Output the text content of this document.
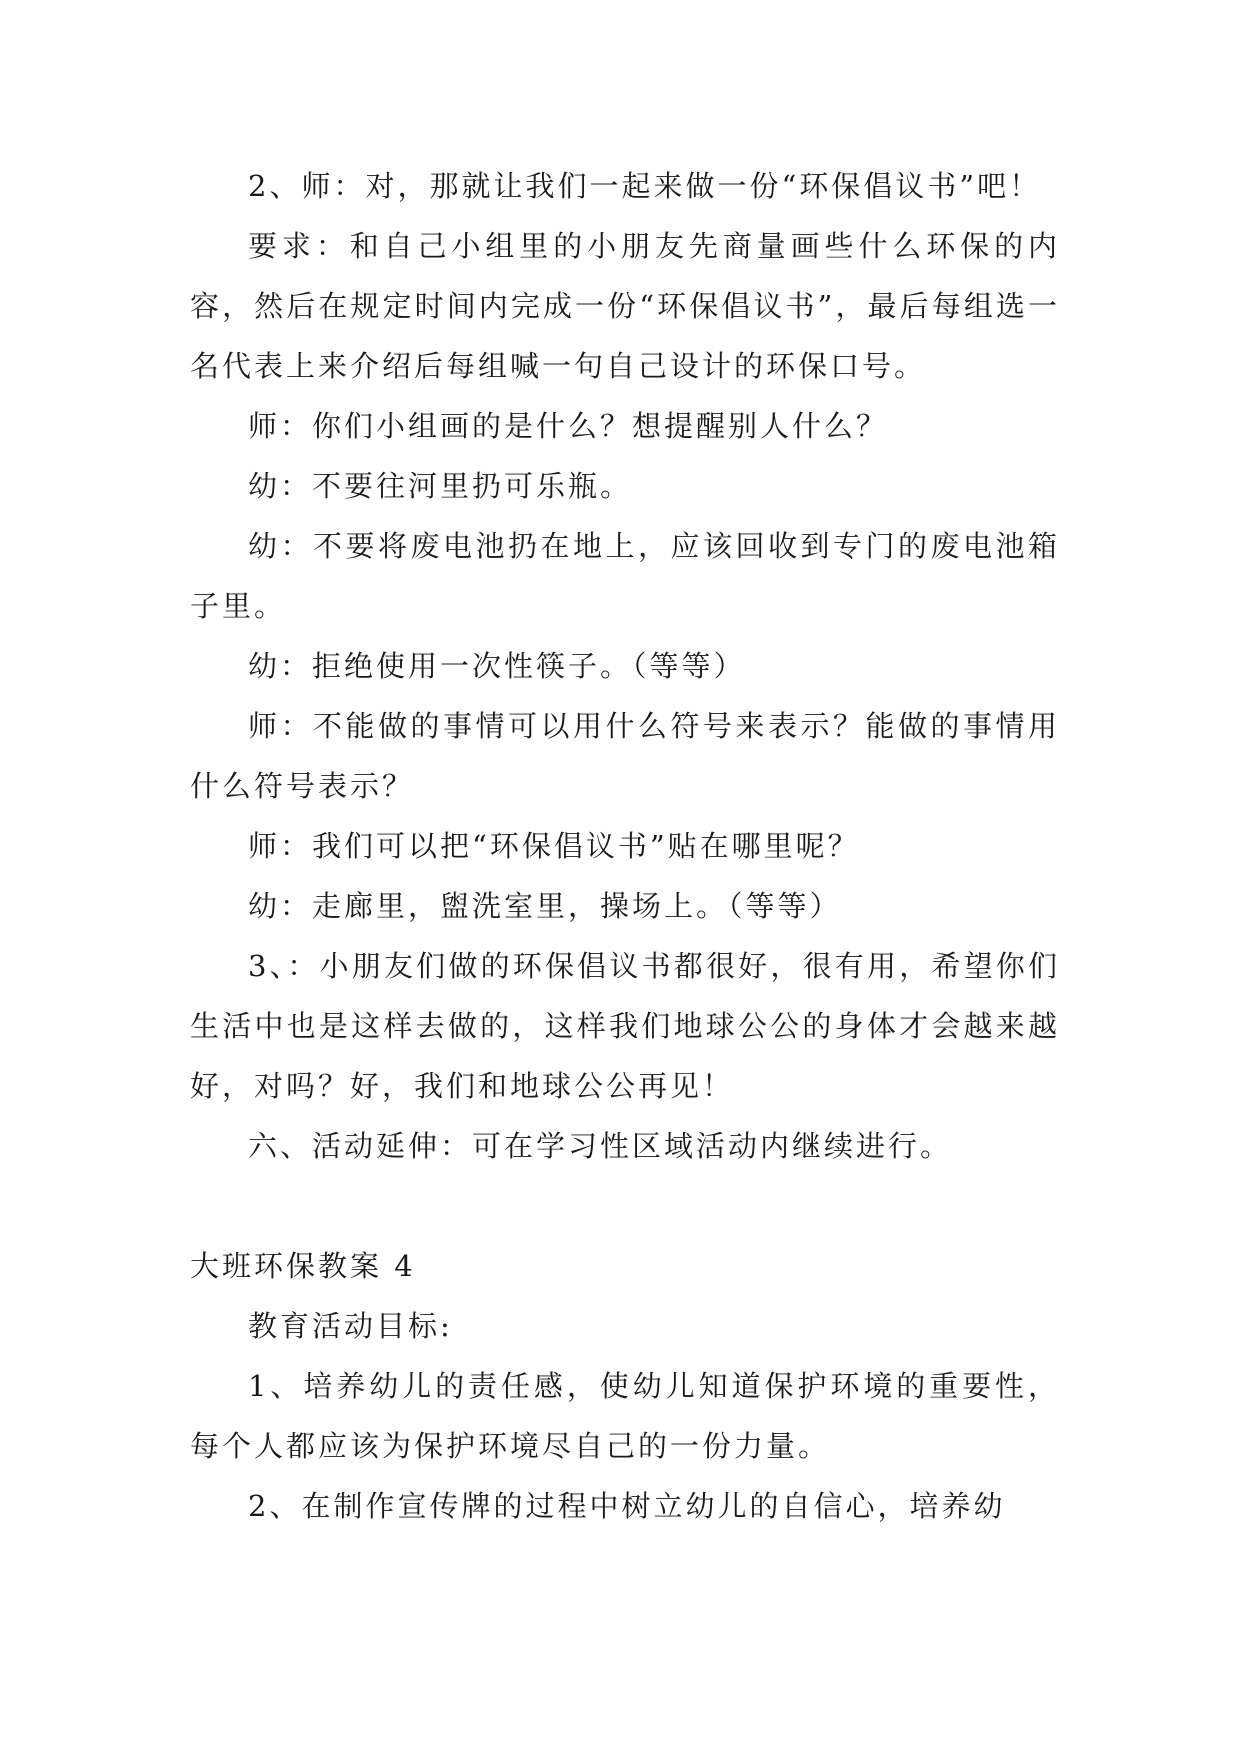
2、师：对，那就让我们一起来做一份“环保倡议书”吧！

要求：和自己小组里的小朋友先商量画些什么环保的内容，然后在规定时间内完成一份“环保倡议书”，最后每组选一名代表上来介绍后每组喊一句自己设计的环保口号。

师：你们小组画的是什么？想提醒别人什么？

幼：不要往河里扔可乐瓶。

幼：不要将废电池扔在地上，应该回收到专门的废电池箱子里。

幼：拒绝使用一次性筷子。（等等）

师：不能做的事情可以用什么符号来表示？能做的事情用什么符号表示？

师：我们可以把“环保倡议书”贴在哪里呢？

幼：走廊里，盥洗室里，操场上。（等等）

3、：小朋友们做的环保倡议书都很好，很有用，希望你们生活中也是这样去做的，这样我们地球公公的身体才会越来越好，对吗？好，我们和地球公公再见！

六、活动延伸：可在学习性区域活动内继续进行。

大班环保教案 4

教育活动目标:

1、培养幼儿的责任感，使幼儿知道保护环境的重要性，每个人都应该为保护环境尽自己的一份力量。

2、在制作宣传牌的过程中树立幼儿的自信心，培养幼
